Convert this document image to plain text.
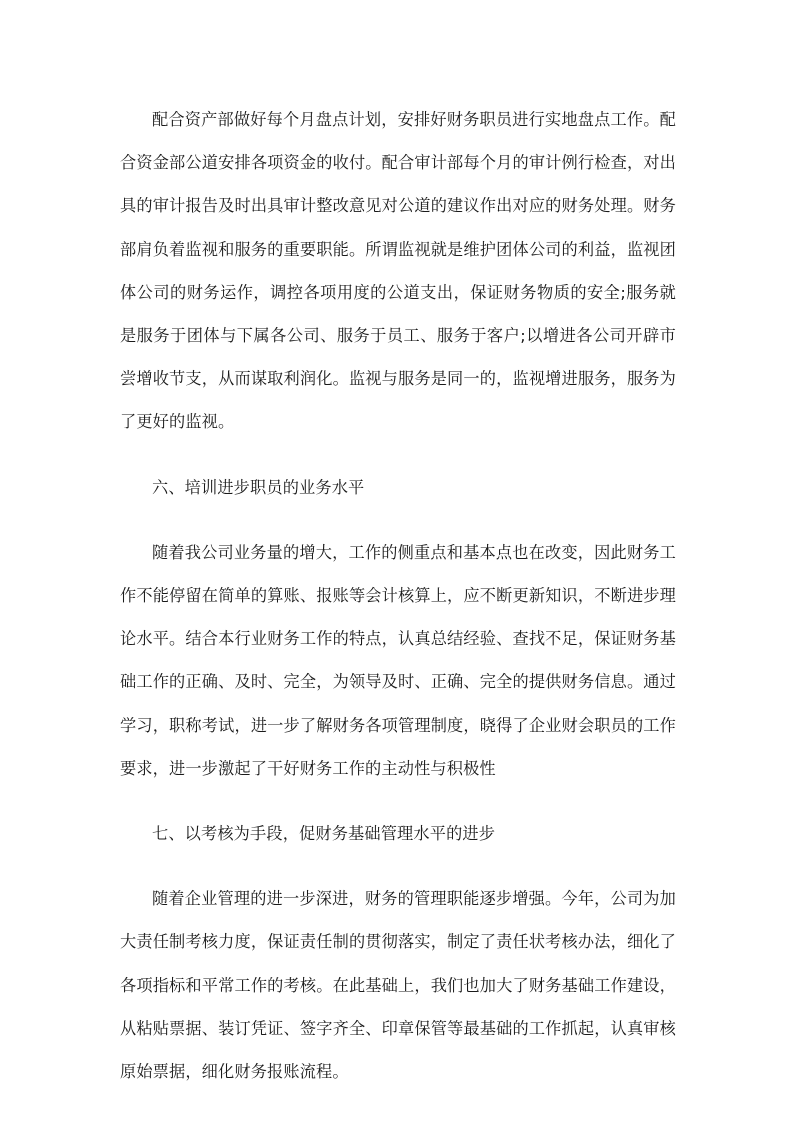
配合资产部做好每个月盘点计划，安排好财务职员进行实地盘点工作。配合资金部公道安排各项资金的收付。配合审计部每个月的审计例行检查，对出具的审计报告及时出具审计整改意见对公道的建议作出对应的财务处理。财务部肩负着监视和服务的重要职能。所谓监视就是维护团体公司的利益，监视团体公司的财务运作，调控各项用度的公道支出，保证财务物质的安全;服务就是服务于团体与下属各公司、服务于员工、服务于客户;以增进各公司开辟市尝增收节支，从而谋取利润化。监视与服务是同一的，监视增进服务，服务为了更好的监视。

六、培训进步职员的业务水平

随着我公司业务量的增大，工作的侧重点和基本点也在改变，因此财务工作不能停留在简单的算账、报账等会计核算上，应不断更新知识，不断进步理论水平。结合本行业财务工作的特点，认真总结经验、查找不足，保证财务基础工作的正确、及时、完全，为领导及时、正确、完全的提供财务信息。通过学习，职称考试，进一步了解财务各项管理制度，晓得了企业财会职员的工作要求，进一步激起了干好财务工作的主动性与积极性

七、以考核为手段，促财务基础管理水平的进步

随着企业管理的进一步深进，财务的管理职能逐步增强。今年，公司为加大责任制考核力度，保证责任制的贯彻落实，制定了责任状考核办法，细化了各项指标和平常工作的考核。在此基础上，我们也加大了财务基础工作建设，从粘贴票据、装订凭证、签字齐全、印章保管等最基础的工作抓起，认真审核原始票据，细化财务报账流程。
